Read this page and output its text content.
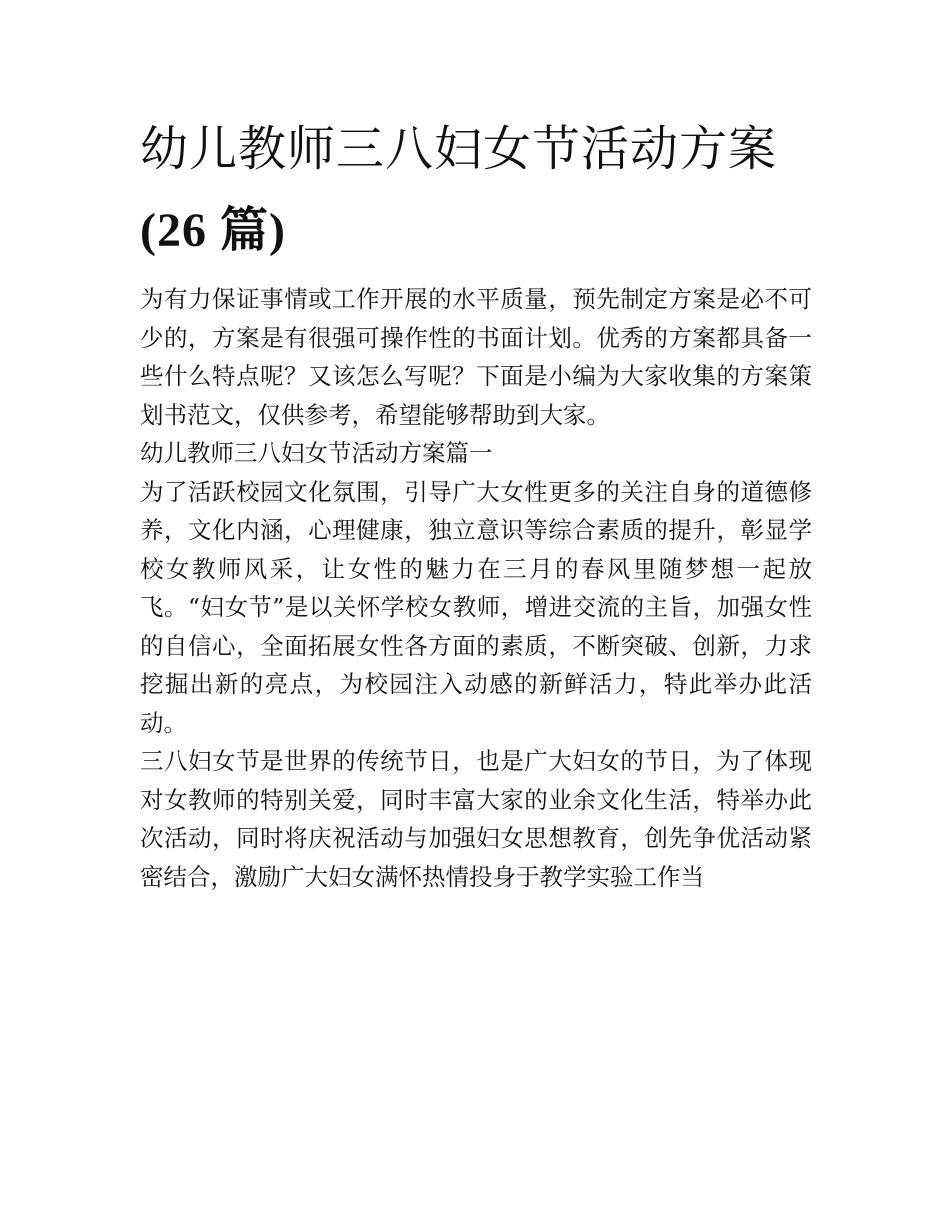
幼儿教师三八妇女节活动方案
(26 篇)

为有力保证事情或工作开展的水平质量，预先制定方案是必不可少的，方案是有很强可操作性的书面计划。优秀的方案都具备一些什么特点呢？又该怎么写呢？下面是小编为大家收集的方案策划书范文，仅供参考，希望能够帮助到大家。

幼儿教师三八妇女节活动方案篇一

为了活跃校园文化氛围，引导广大女性更多的关注自身的道德修养，文化内涵，心理健康，独立意识等综合素质的提升，彰显学校女教师风采，让女性的魅力在三月的春风里随梦想一起放飞。“妇女节”是以关怀学校女教师，增进交流的主旨，加强女性的自信心，全面拓展女性各方面的素质，不断突破、创新，力求挖掘出新的亮点，为校园注入动感的新鲜活力，特此举办此活动。

三八妇女节是世界的传统节日，也是广大妇女的节日，为了体现对女教师的特别关爱，同时丰富大家的业余文化生活，特举办此次活动，同时将庆祝活动与加强妇女思想教育，创先争优活动紧密结合，激励广大妇女满怀热情投身于教学实验工作当
